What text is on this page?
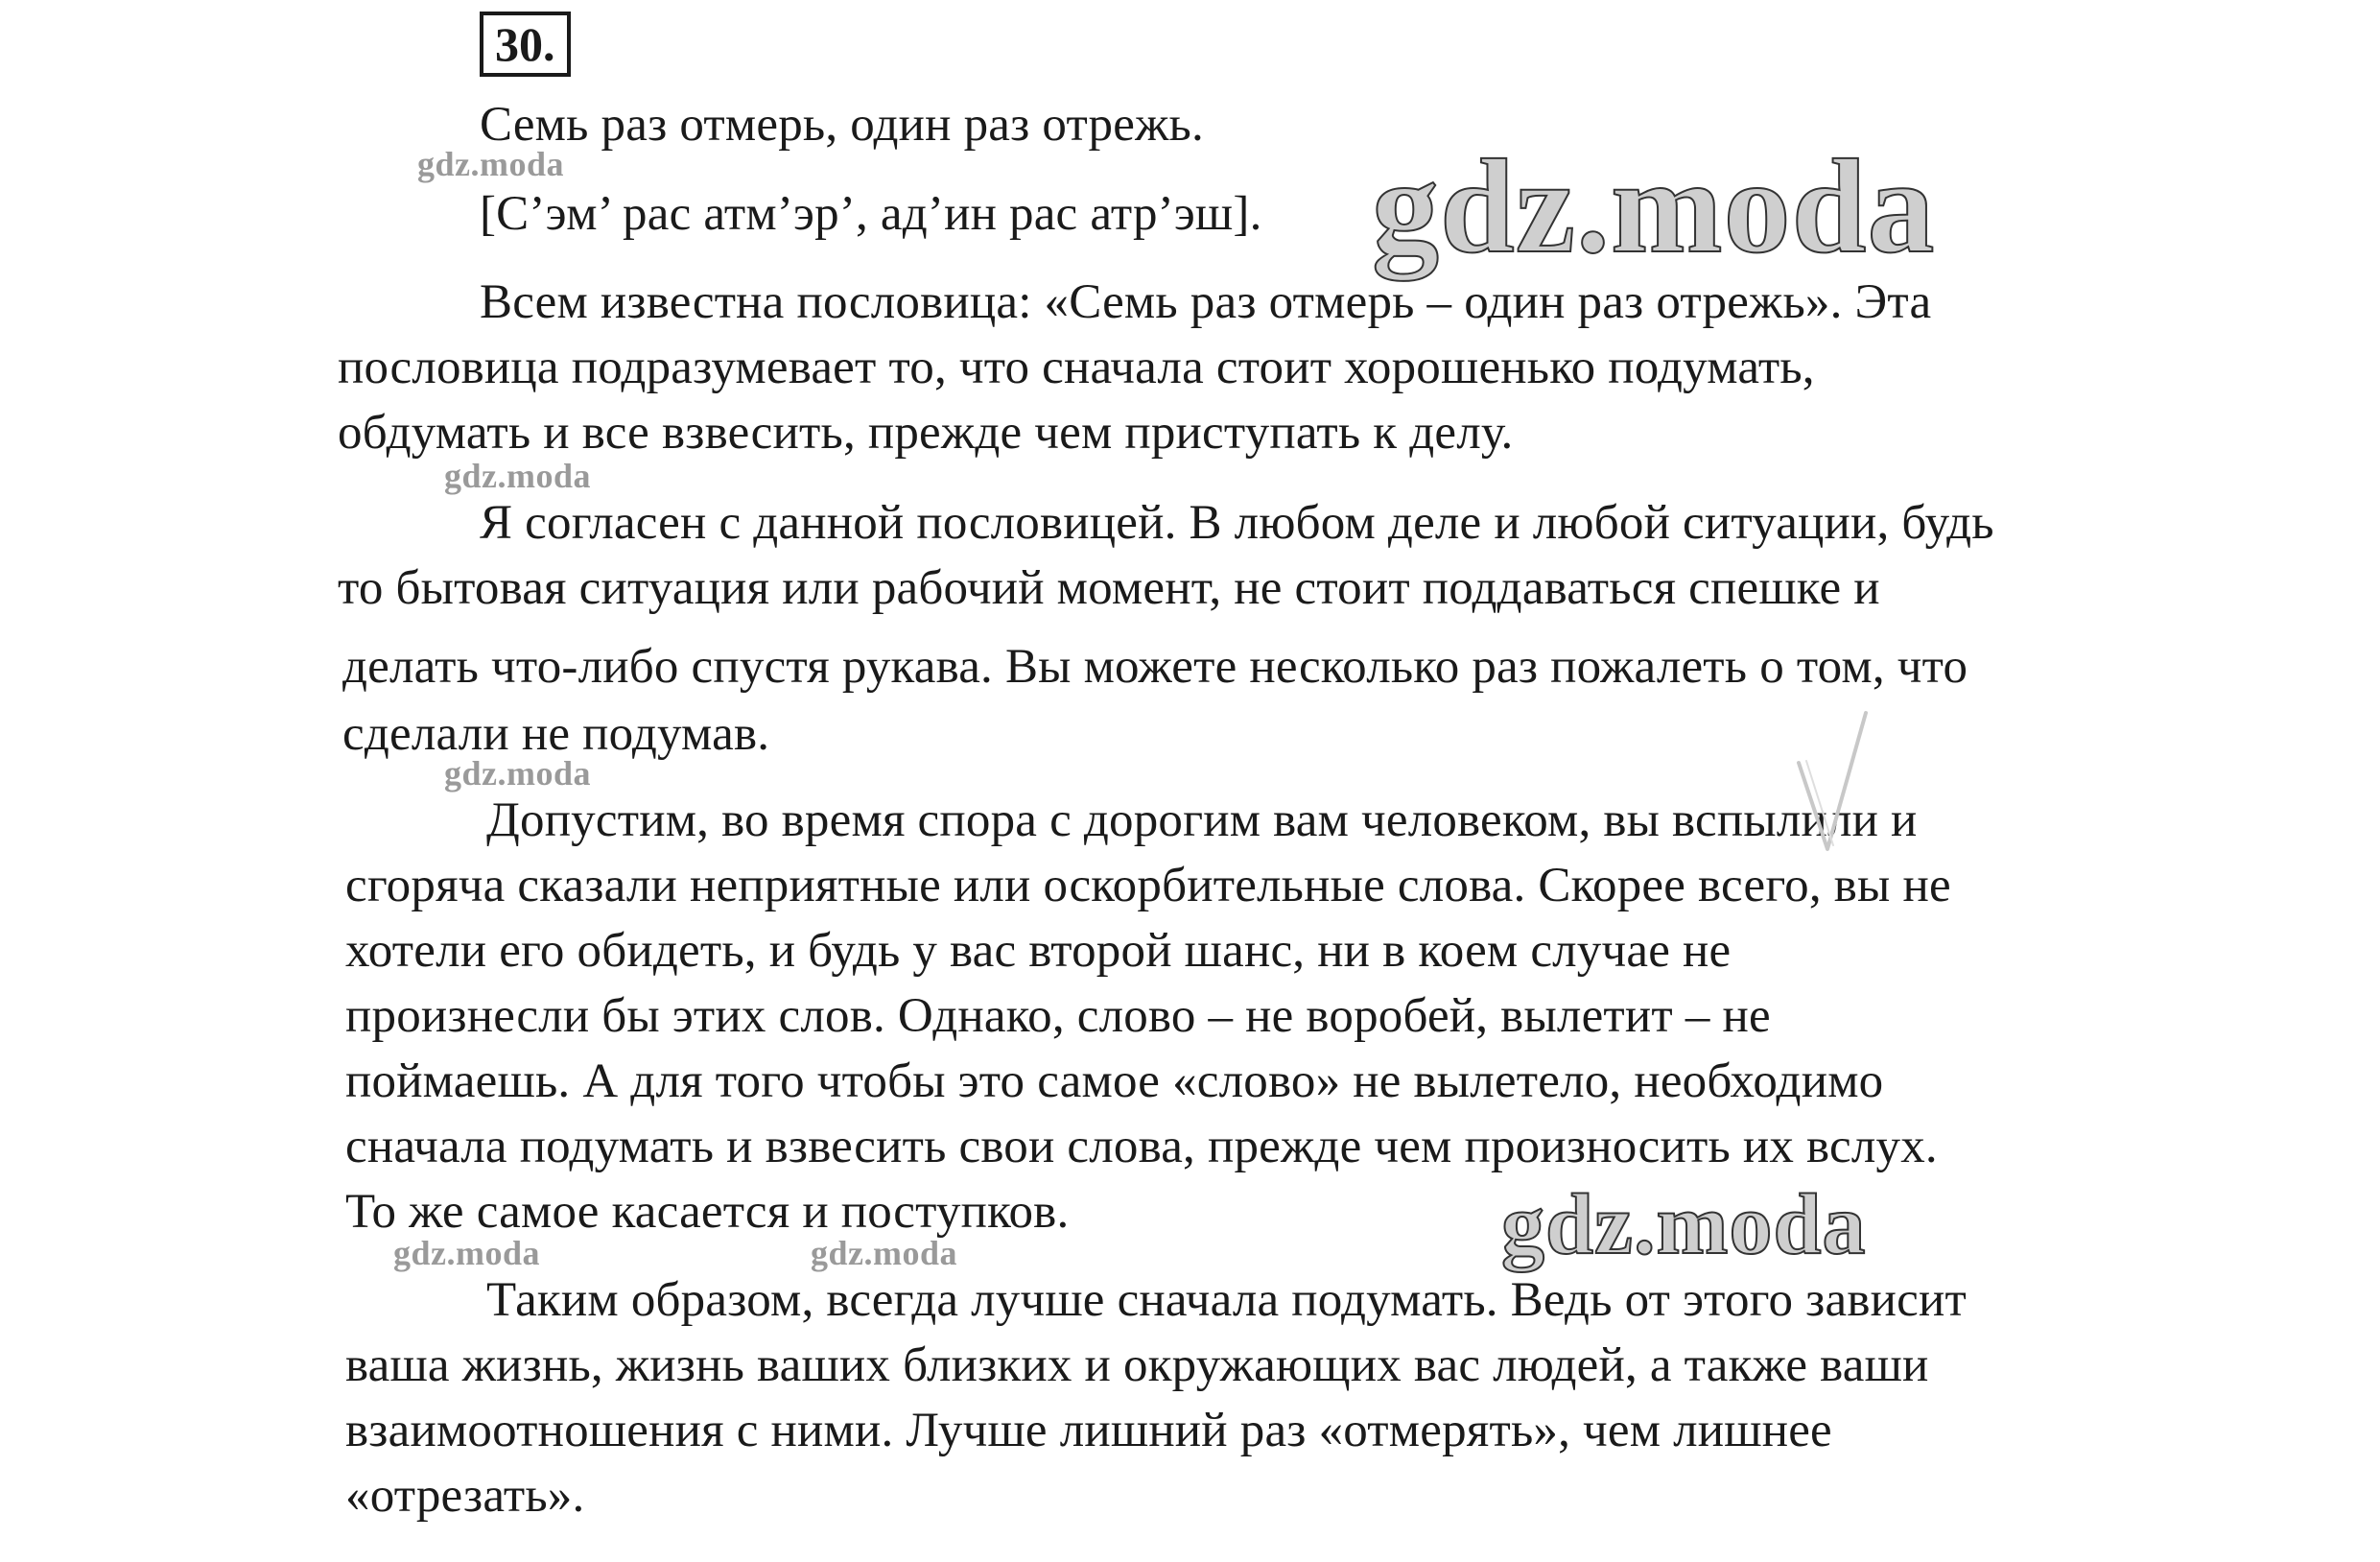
30.
Семь раз отмерь, один раз отрежь.
[С’эм’ рас атм’эр’, ад’ин рас атр’эш].
Всем известна пословица: «Семь раз отмерь – один раз отрежь». Эта
пословица подразумевает то, что сначала стоит хорошенько подумать,
обдумать и все взвесить, прежде чем приступать к делу.
Я согласен с данной пословицей. В любом деле и любой ситуации, будь
то бытовая ситуация или рабочий момент, не стоит поддаваться спешке и
делать что-либо спустя рукава. Вы можете несколько раз пожалеть о том, что
сделали не подумав.
Допустим, во время спора с дорогим вам человеком, вы вспылили и
сгоряча сказали неприятные или оскорбительные слова. Скорее всего, вы не
хотели его обидеть, и будь у вас второй шанс, ни в коем случае не
произнесли бы этих слов. Однако, слово – не воробей, вылетит – не
поймаешь. А для того чтобы это самое «слово» не вылетело, необходимо
сначала подумать и взвесить свои слова, прежде чем произносить их вслух.
То же самое касается и поступков.
Таким образом, всегда лучше сначала подумать. Ведь от этого зависит
ваша жизнь, жизнь ваших близких и окружающих вас людей, а также ваши
взаимоотношения с ними. Лучше лишний раз «отмерять», чем лишнее
«отрезать».
gdz.moda
gdz.moda
gdz.moda
gdz.moda	gdz.moda
gdz.moda
gdz.moda
